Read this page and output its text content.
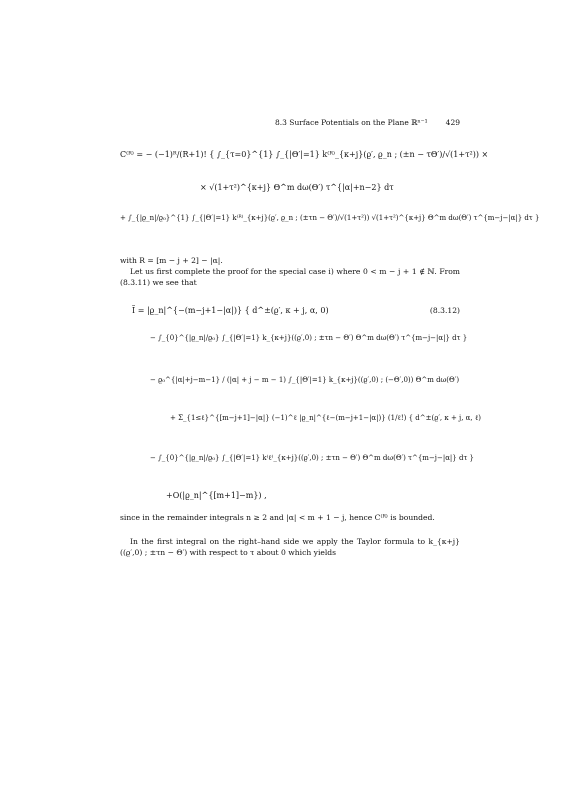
8.3 Surface Potentials on the Plane ℝⁿ⁻¹ 429
C⁽ᴿ⁾ = − (−1)ᴿ/(R+1)! { ∫_{τ=0}^{1} ∫_{|Θ′|=1} k⁽ᴿ⁾_{κ+j}(ϱ′, ϱ_n ; (±n − τΘ′)/√(1+τ²)) ×
× √(1+τ²)^{κ+j} Θ^m dω(Θ′) τ^{|α|+n−2} dτ
+ ∫_{|ϱ_n|/ϱ₀}^{1} ∫_{|Θ′|=1} k⁽ᴿ⁾_{κ+j}(ϱ′, ϱ_n ; (±τn − Θ′)/√(1+τ²)) √(1+τ²)^{κ+j} Θ^m dω(Θ′) τ^{m−j−|α|} dτ }
with R = [m − j + 2] − |α|.
Let us first complete the proof for the special case i) where 0 < m − j + 1 ∉ ℕ. From (8.3.11) we see that
Ĩ = |ϱ_n|^{−(m−j+1−|α|)} { d^±(ϱ′, κ + j, α, 0)	(8.3.12)
− ∫_{0}^{|ϱ_n|/ϱ₀} ∫_{|Θ′|=1} k_{κ+j}((ϱ′,0) ; ±τn − Θ′) Θ^m dω(Θ′) τ^{m−j−|α|} dτ }
− ϱ₀^{|α|+j−m−1} / (|α| + j − m − 1) ∫_{|Θ′|=1} k_{κ+j}((ϱ′,0) ; (−Θ′,0)) Θ^m dω(Θ′)
+ Σ_{1≤ℓ}^{[m−j+1]−|α|} (−1)^ℓ |ϱ_n|^{ℓ−(m−j+1−|α|)} (1/ℓ!) { d^±(ϱ′, κ + j, α, ℓ)
− ∫_{0}^{|ϱ_n|/ϱ₀} ∫_{|Θ′|=1} k⁽ℓ⁾_{κ+j}((ϱ′,0) ; ±τn − Θ′) Θ^m dω(Θ′) τ^{m−j−|α|} dτ }
+O(|ϱ_n|^{[m+1]−m}) ,
since in the remainder integrals n ≥ 2 and |α| < m + 1 − j, hence C⁽ᴿ⁾ is bounded.
In the first integral on the right–hand side we apply the Taylor formula to k_{κ+j}((ϱ′,0) ; ±τn − Θ′) with respect to τ about 0 which yields
